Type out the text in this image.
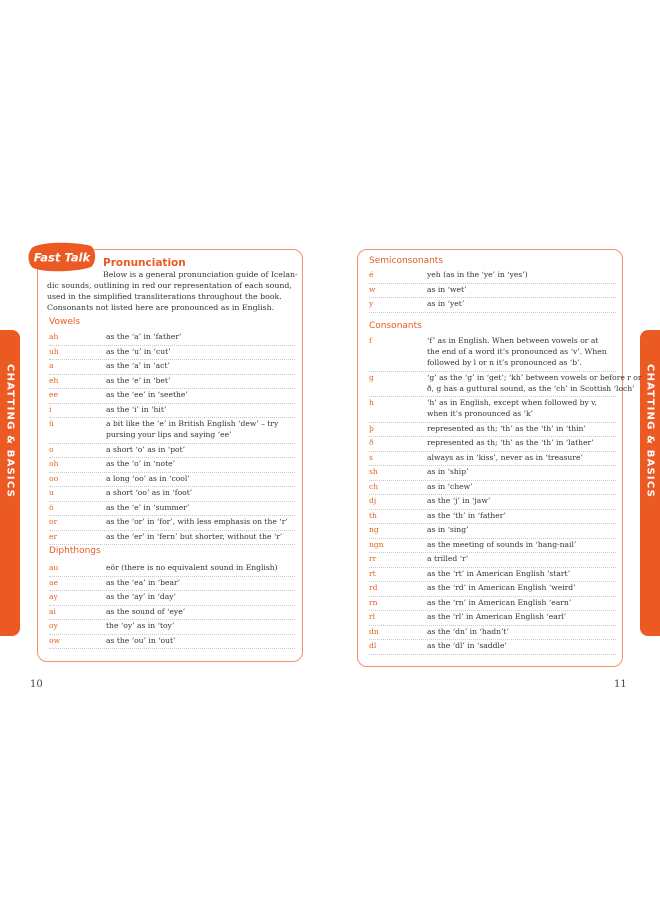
CHATTING & BASICS	CHATTING & BASICS
Fast Talk Pronunciation
Below is a general pronunciation guide of Icelan-
dic sounds, outlining in red our representation of each sound,
used in the simplified transliterations throughout the book.
Consonants not listed here are pronounced as in English.
Vowels
ah	as the ‘a’ in ‘father’
uh	as the ‘u’ in ‘cut’
a	as the ‘a’ in ‘act’
eh	as the ‘e’ in ‘bet’
ee	as the ‘ee’ in ‘seethe’
i	as the ‘i’ in ‘hit’
ü	a bit like the ‘e’ in British English ‘dew’ – try
pursing your lips and saying ‘ee’
o	a short ‘o’ as in ‘pot’
oh	as the ‘o’ in ‘note’
oo	a long ‘oo’ as in ‘cool’
u	a short ‘oo’ as in ‘foot’
ö	as the ‘e’ in ‘summer’
or	as the ‘or’ in ‘for’, with less emphasis on the ‘r’
er	as the ‘er’ in ‘fern’ but shorter, without the ‘r’
Diphthongs
au	eör (there is no equivalent sound in English)
ae	as the ‘ea’ in ‘bear’
ay	as the ‘ay’ in ‘day’
ai	as the sound of ‘eye’
oy	the ‘oy’ as in ‘toy’
ow	as the ‘ou’ in ‘out’
Semiconsonants
é	yeh (as in the ‘ye’ in ‘yes’)
w	as in ‘wet’
y	as in ‘yet’
Consonants
f	‘f’ as in English. When between vowels or at
the end of a word it’s pronounced as ‘v’. When
followed by l or n it’s pronounced as ‘b’.
g	‘g’ as the ‘g’ in ‘get’; ‘kh’ between vowels or before r or
ð, g has a guttural sound, as the ‘ch’ in Scottish ‘loch’
h	‘h’ as in English, except when followed by v,
when it’s pronounced as ‘k’
þ	represented as th; ‘th’ as the ‘th’ in ‘thin’
ð	represented as th; ‘th’ as the ‘th’ in ‘lather’
s	always as in ‘kiss’, never as in ‘treasure’
sh	as in ‘ship’
ch	as in ‘chew’
dj	as the ‘j’ in ‘jaw’
th	as the ‘th’ in ‘father’
ng	as in ‘sing’
ngn	as the meeting of sounds in ‘hang-nail’
rr	a trilled ‘r’
rt	as the ‘rt’ in American English ‘start’
rd	as the ‘rd’ in American English ‘weird’
rn	as the ‘rn’ in American English ‘earn’
rl	as the ‘rl’ in American English ‘earl’
dn	as the ‘dn’ in ‘hadn’t’
dl	as the ‘dl’ in ‘saddle’
10	11
